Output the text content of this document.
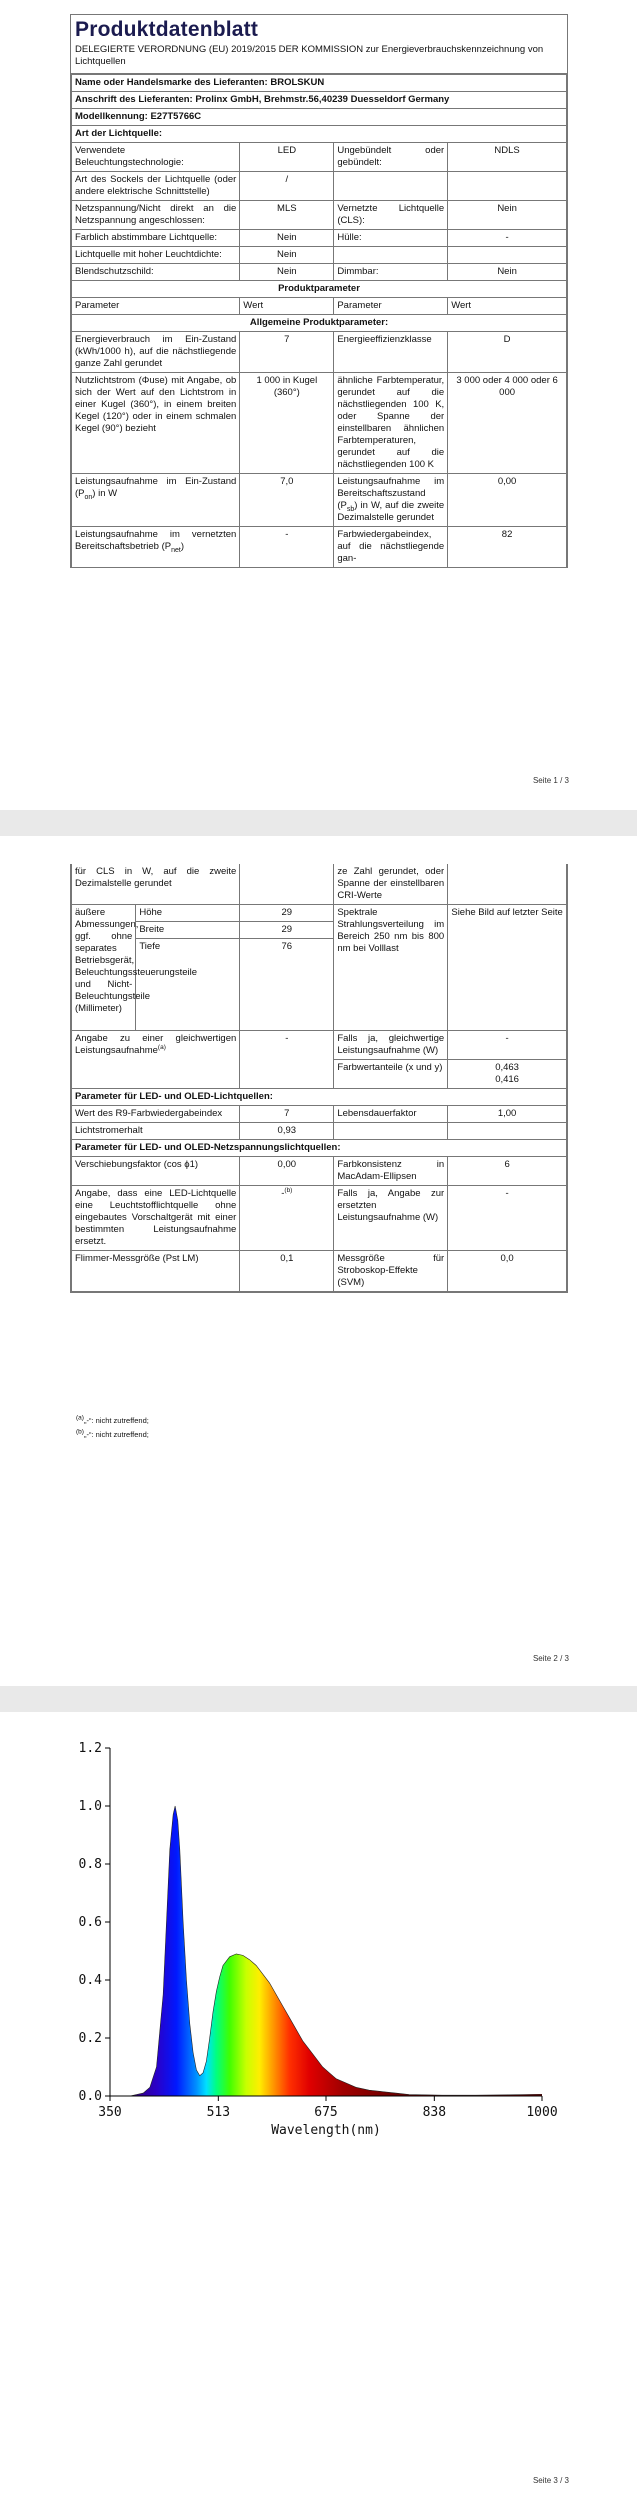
Produktdatenblatt
DELEGIERTE VERORDNUNG (EU) 2019/2015 DER KOMMISSION zur Energieverbrauchskennzeichnung von Lichtquellen
Name oder Handelsmarke des Lieferanten: BROLSKUN			
Anschrift des Lieferanten: Prolinx GmbH, Brehmstr.56,40239 Duesseldorf Germany			
Modellkennung: E27T5766C			
Art der Lichtquelle:			
Verwendete Beleuchtungstechnologie:	LED	Ungebündelt oder gebündelt:	NDLS
Art des Sockels der Lichtquelle (oder andere elektrische Schnittstelle)	/		
Netzspannung/Nicht direkt an die Netzspannung angeschlossen:	MLS	Vernetzte Lichtquelle (CLS):	Nein
Farblich abstimmbare Lichtquelle:	Nein	Hülle:	-
Lichtquelle mit hoher Leuchtdichte:	Nein		
Blendschutzschild:	Nein	Dimmbar:	Nein
Produktparameter			
Parameter	Wert	Parameter	Wert
Allgemeine Produktparameter:			
Energieverbrauch im Ein-Zustand (kWh/1000 h), auf die nächstliegende ganze Zahl gerundet	7	Energieeffizienzklasse	D
Nutzlichtstrom (Φuse) mit Angabe, ob sich der Wert auf den Lichtstrom in einer Kugel (360°), in einem breiten Kegel (120°) oder in einem schmalen Kegel (90°) bezieht	1 000 in Kugel (360°)	ähnliche Farbtemperatur, gerundet auf die nächstliegenden 100 K, oder Spanne der einstellbaren ähnlichen Farbtemperaturen, gerundet auf die nächstliegenden 100 K	3 000 oder 4 000 oder 6 000
Leistungsaufnahme im Ein-Zustand $(P_{on})$ in W	7,0	Leistungsaufnahme im Bereitschaftszustand $(P_{sb})$ in W, auf die zweite Dezimalstelle gerundet	0,00
Leistungsaufnahme im vernetzten Bereitschaftsbetrieb $(P_{net})$	-	Farbwiedergabeindex, auf die nächstliegende gan-	82
Seite 1 / 3
für CLS in W, auf die zweite Dezimalstelle gerundet			ze Zahl gerundet, oder Spanne der einstellbaren CRI-Werte	
äußere Abmessungen, ggf. ohne separates Betriebsgerät, Beleuchtungssteuerungsteile und Nicht-Beleuchtungsteile (Millimeter)	Höhe	29	Spektrale Strahlungsverteilung im Bereich 250 nm bis 800 nm bei Volllast	Siehe Bild auf letzter Seite
	Breite	29		
	Tiefe	76		
Angabe zu einer gleichwertigen Leistungsaufnahme$^{(a)}$		-	Falls ja, gleichwertige Leistungsaufnahme (W)	-
			Farbwertanteile (x und y)	0,463
0,416

Parameter für LED- und OLED-Lichtquellen:				
Wert des R9-Farbwiedergabeindex		7	Lebensdauerfaktor	1,00
Lichtstromerhalt		0,93		
Parameter für LED- und OLED-Netzspannungslichtquellen:				
Verschiebungsfaktor (cos ϕ1)		0,00	Farbkonsistenz in MacAdam-Ellipsen	6
Angabe, dass eine LED-Lichtquelle eine Leuchtstofflichtquelle ohne eingebautes Vorschaltgerät mit einer bestimmten Leistungsaufnahme ersetzt.		-$^{(b)}$	Falls ja, Angabe zur ersetzten Leistungsaufnahme (W)	-
Flimmer-Messgröße (Pst LM)		0,1	Messgröße für Stroboskop-Effekte (SVM)	0,0
(a)„-“: nicht zutreffend;
(b)„-“: nicht zutreffend;
Seite 2 / 3
0.0
0.2
0.4
0.6
0.8
1.0
1.2
350	513	675	838	1000
Wavelength(nm)
Seite 3 / 3
